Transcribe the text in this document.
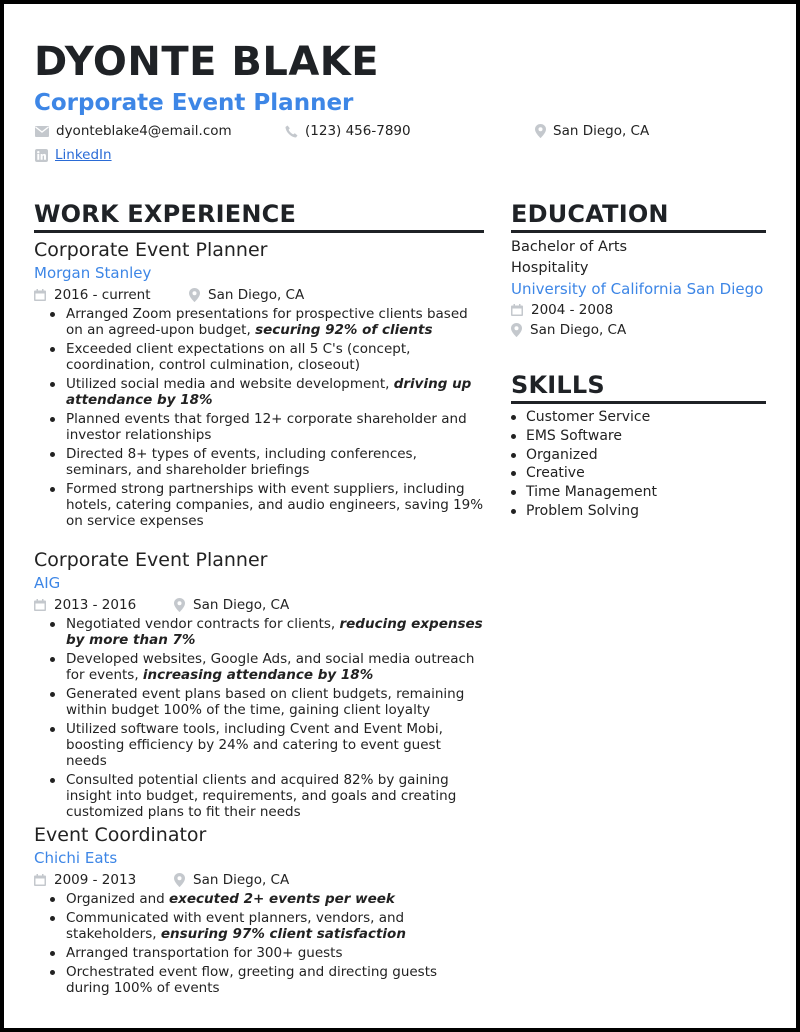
DYONTE BLAKE
Corporate Event Planner
dyonteblake4@email.com	(123) 456-7890	San Diego, CA
LinkedIn
WORK EXPERIENCE	EDUCATION
Bachelor of Arts
Hospitality
University of California San Diego
2004 - 2008
San Diego, CA
SKILLS
Customer Service
EMS Software
Organized
Creative
Time Management
Problem Solving
Corporate Event Planner
Morgan Stanley
2016 - current	San Diego, CA
Arranged Zoom presentations for prospective clients based on an agreed-upon budget, securing 92% of clients
Exceeded client expectations on all 5 C's (concept, coordination, control culmination, closeout)
Utilized social media and website development, driving up attendance by 18%
Planned events that forged 12+ corporate shareholder and investor relationships
Directed 8+ types of events, including conferences, seminars, and shareholder briefings
Formed strong partnerships with event suppliers, including hotels, catering companies, and audio engineers, saving 19% on service expenses
Corporate Event Planner
AIG
2013 - 2016	San Diego, CA
Negotiated vendor contracts for clients, reducing expenses by more than 7%
Developed websites, Google Ads, and social media outreach for events, increasing attendance by 18%
Generated event plans based on client budgets, remaining within budget 100% of the time, gaining client loyalty
Utilized software tools, including Cvent and Event Mobi, boosting efficiency by 24% and catering to event guest needs
Consulted potential clients and acquired 82% by gaining insight into budget, requirements, and goals and creating customized plans to fit their needs
Event Coordinator
Chichi Eats
2009 - 2013	San Diego, CA
Organized and executed 2+ events per week
Communicated with event planners, vendors, and stakeholders, ensuring 97% client satisfaction
Arranged transportation for 300+ guests
Orchestrated event flow, greeting and directing guests during 100% of events
